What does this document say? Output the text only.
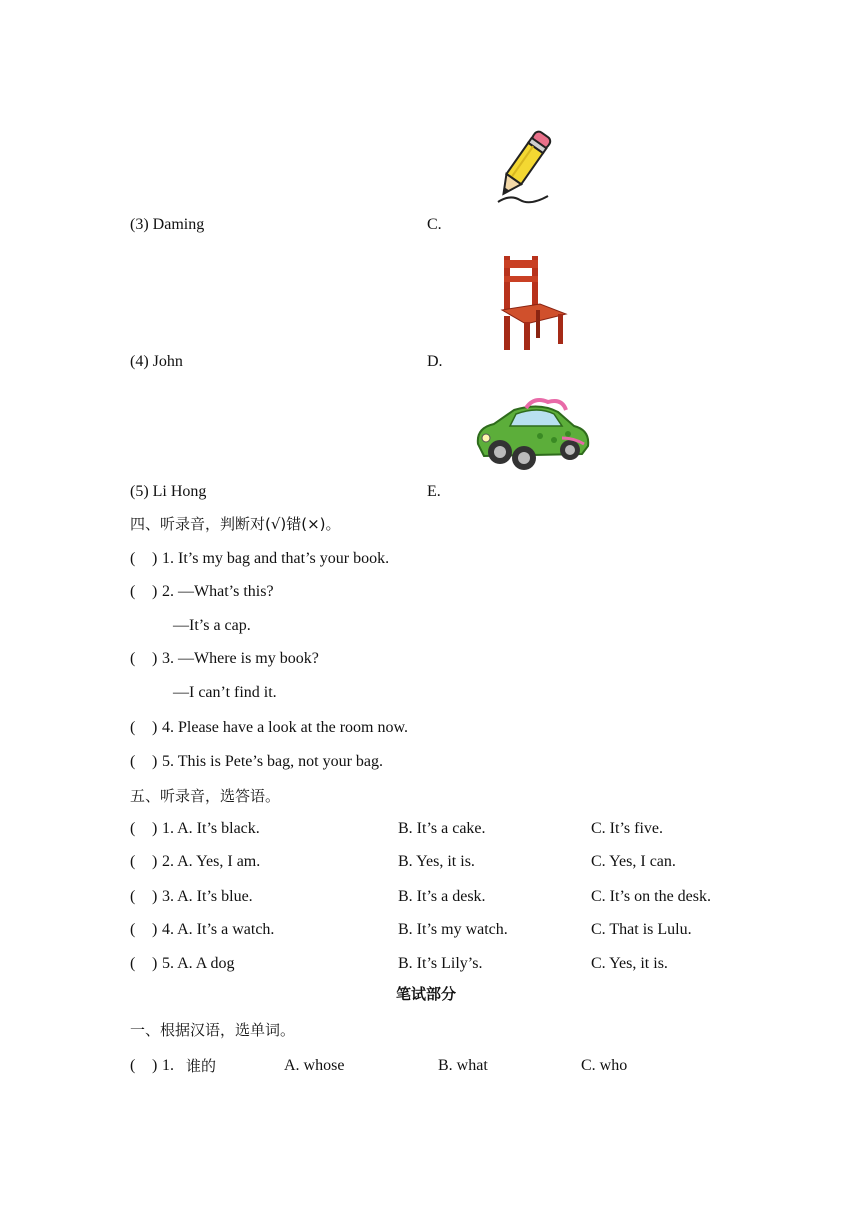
(3) Daming	C.
(4) John	D.
(5) Li Hong	E.
四、听录音，判断对(√)错(×)。
( ) 1. It’s my bag and that’s your book.
( ) 2. —What’s this?
—It’s a cap.
( ) 3. —Where is my book?
—I can’t find it.
( ) 4. Please have a look at the room now.
( ) 5. This is Pete’s bag, not your bag.
五、听录音，选答语。
( ) 1. A. It’s black.	B. It’s a cake.	C. It’s five.
( ) 2. A. Yes, I am.	B. Yes, it is.	C. Yes, I can.
( ) 3. A. It’s blue.	B. It’s a desk.	C. It’s on the desk.
( ) 4. A. It’s a watch.	B. It’s my watch.	C. That is Lulu.
( ) 5. A. A dog	B. It’s Lily’s.	C. Yes, it is.
笔试部分
一、根据汉语，选单词。
( ) 1. 谁的	A. whose	B. what	C. who
